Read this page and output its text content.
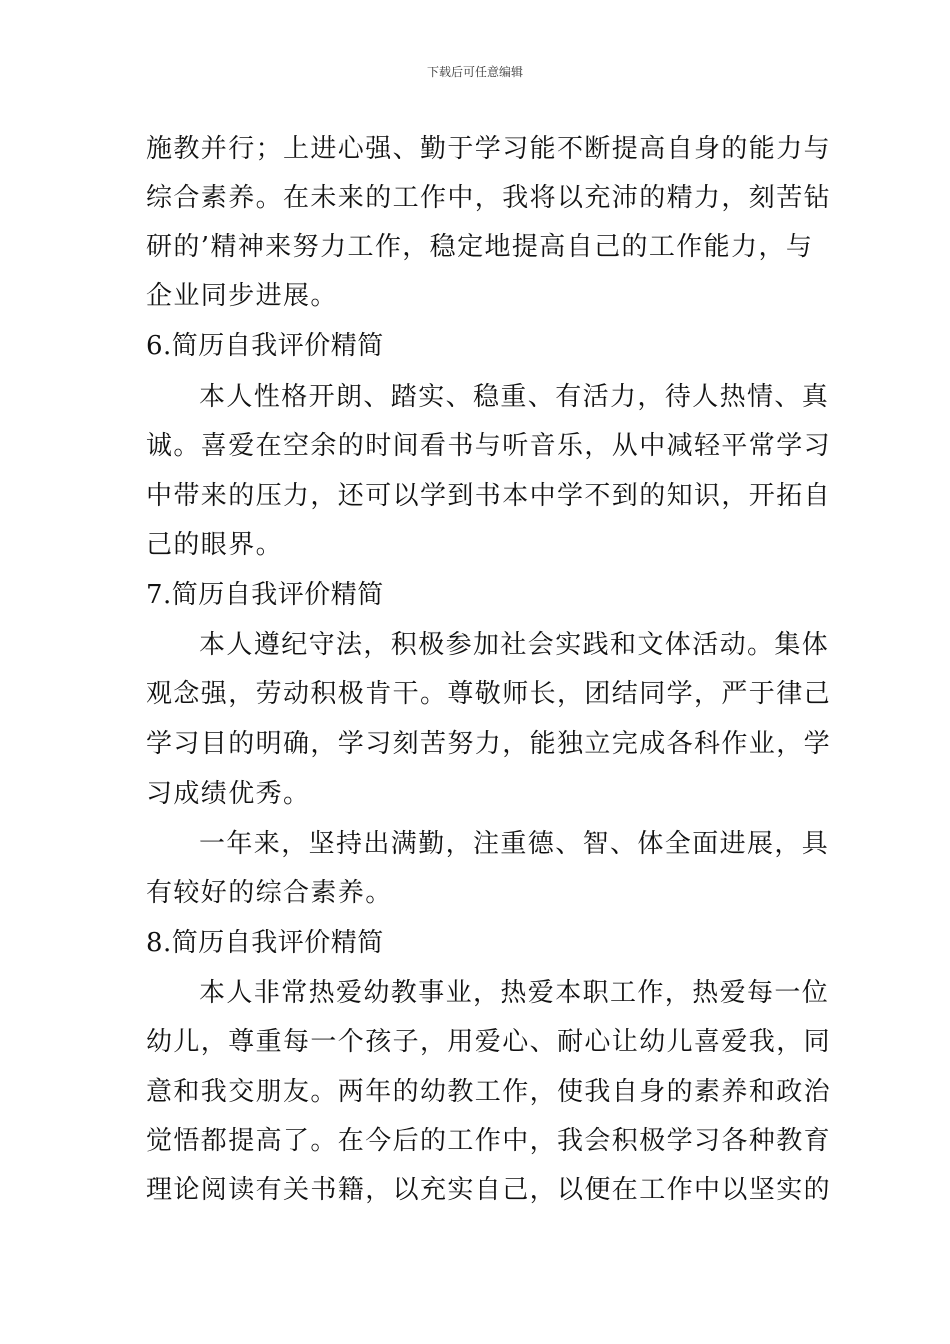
下载后可任意编辑
施教并行；上进心强、勤于学习能不断提高自身的能力与
综合素养。在未来的工作中，我将以充沛的精力，刻苦钻
研的’精神来努力工作，稳定地提高自己的工作能力，与
企业同步进展。
6.简历自我评价精简
本人性格开朗、踏实、稳重、有活力，待人热情、真
诚。喜爱在空余的时间看书与听音乐，从中减轻平常学习
中带来的压力，还可以学到书本中学不到的知识，开拓自
己的眼界。
7.简历自我评价精简
本人遵纪守法，积极参加社会实践和文体活动。集体
观念强，劳动积极肯干。尊敬师长，团结同学，严于律己
学习目的明确，学习刻苦努力，能独立完成各科作业，学
习成绩优秀。
一年来，坚持出满勤，注重德、智、体全面进展，具
有较好的综合素养。
8.简历自我评价精简
本人非常热爱幼教事业，热爱本职工作，热爱每一位
幼儿，尊重每一个孩子，用爱心、耐心让幼儿喜爱我，同
意和我交朋友。两年的幼教工作，使我自身的素养和政治
觉悟都提高了。在今后的工作中，我会积极学习各种教育
理论阅读有关书籍，以充实自己，以便在工作中以坚实的
